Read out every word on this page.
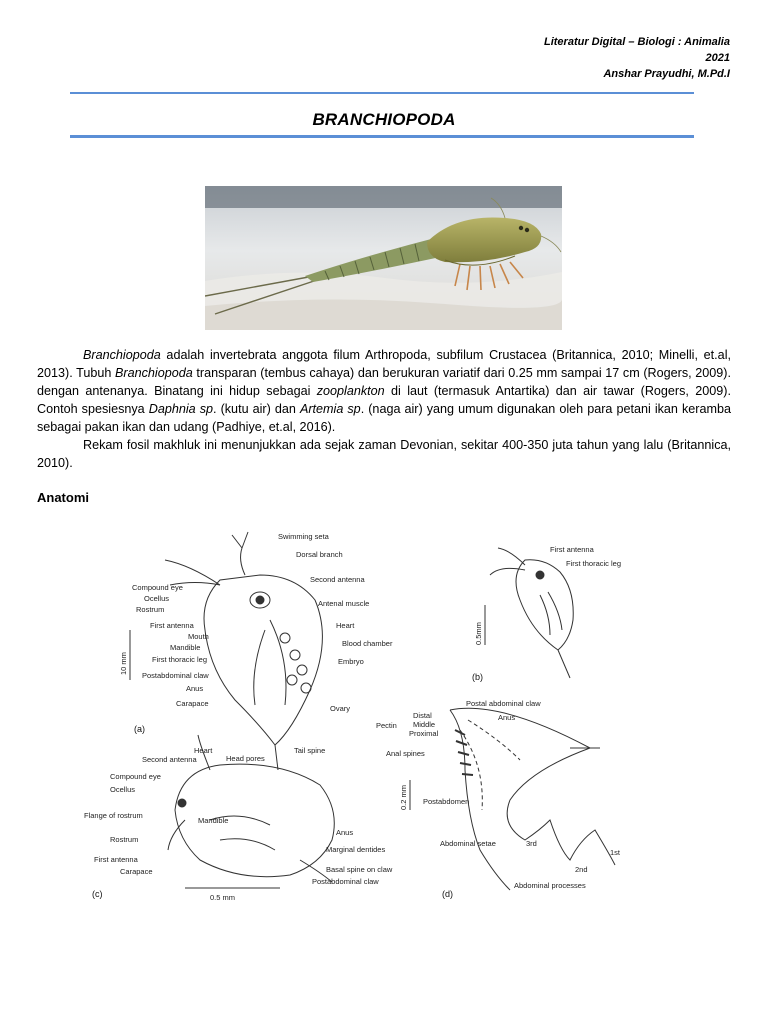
Literatur Digital – Biologi : Animalia
2021
Anshar Prayudhi, M.Pd.I
BRANCHIOPODA

Branchiopoda adalah invertebrata anggota filum Arthropoda, subfilum Crustacea (Britannica, 2010; Minelli, et.al, 2013). Tubuh Branchiopoda transparan (tembus cahaya) dan berukuran variatif dari 0.25 mm sampai 17 cm (Rogers, 2009). dengan antenanya. Binatang ini hidup sebagai zooplankton di laut (termasuk Antartika) dan air tawar (Rogers, 2009). Contoh spesiesnya Daphnia sp. (kutu air) dan Artemia sp. (naga air) yang umum digunakan oleh para petani ikan keramba sebagai pakan ikan dan udang (Padhiye, et.al, 2016).

Rekam fosil makhluk ini menunjukkan ada sejak zaman Devonian, sekitar 400-350 juta tahun yang lalu (Britannica, 2010).

Anatomi
Compound eye
Ocellus
Rostrum
First antenna
Mouth
Mandible
First thoracic leg
Postabdominal claw
Anus
Carapace
Swimming seta
Dorsal branch
Second antenna
Antenal muscle
Heart
Blood chamber
Embryo
Ovary
Tail spine
(a)
10 mm
First antenna
First thoracic leg
(b)
0.5mm
Second antenna
Compound eye
Ocellus
Flange of rostrum
Rostrum
First antenna
Carapace
Heart
Head pores
Mandible
Anus
Marginal dentides
Basal spine on claw
Postabdominal claw
(c)	0.5 mm
Postal abdominal claw
Distal
Middle
Proximal
Pectin
Anus
Anal spines
Postabdomen
Abdominal setae	3rd
2nd
1st
Abdominal processes
(d)
0.2 mm
